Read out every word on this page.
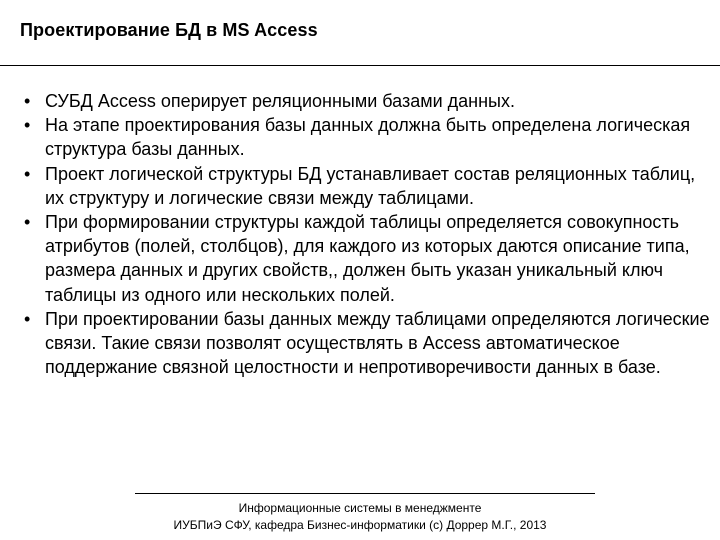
Проектирование БД в MS Access
• СУБД Access оперирует реляционными базами данных.
• На этапе проектирования базы данных должна быть определена логическая структура базы данных.
• Проект логической структуры БД устанавливает состав реляционных таблиц, их структуру и логические связи между таблицами.
• При формировании структуры каждой таблицы определяется совокупность атрибутов (полей, столбцов), для каждого из которых даются описание типа, размера данных и других свойств,, должен быть указан уникальный ключ таблицы из одного или нескольких полей.
• При проектировании базы данных между таблицами определяются логические связи. Такие связи позволят осуществлять в Access автоматическое поддержание связной целостности и непротиворечивости данных в базе.
Информационные системы в менеджменте
ИУБПиЭ СФУ, кафедра Бизнес-информатики (с) Доррер М.Г., 2013
